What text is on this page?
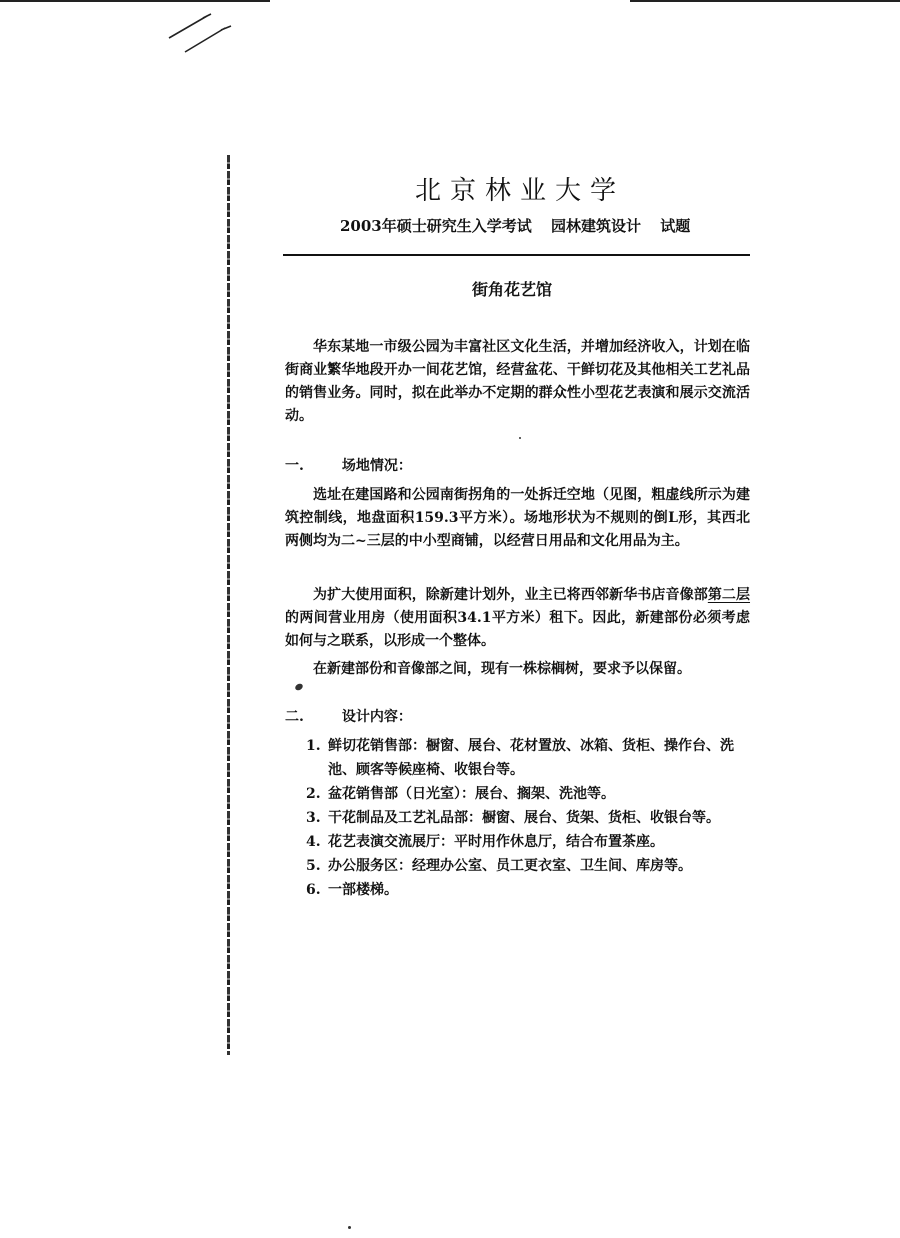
北京林业大学
2003年硕士研究生入学考试 园林建筑设计 试题
街角花艺馆
华东某地一市级公园为丰富社区文化生活，并增加经济收入，计划在临街商业繁华地段开办一间花艺馆，经营盆花、干鲜切花及其他相关工艺礼品的销售业务。同时，拟在此举办不定期的群众性小型花艺表演和展示交流活动。
一.	场地情况：
选址在建国路和公园南街拐角的一处拆迁空地（见图，粗虚线所示为建筑控制线，地盘面积159.3平方米）。场地形状为不规则的倒L形，其西北两侧均为二~三层的中小型商铺，以经营日用品和文化用品为主。
为扩大使用面积，除新建计划外，业主已将西邻新华书店音像部第二层的两间营业用房（使用面积34.1平方米）租下。因此，新建部份必须考虑如何与之联系，以形成一个整体。
在新建部份和音像部之间，现有一株棕榈树，要求予以保留。
二.	设计内容：
1. 鲜切花销售部：橱窗、展台、花材置放、冰箱、货柜、操作台、洗池、顾客等候座椅、收银台等。
2. 盆花销售部（日光室）：展台、搁架、洗池等。
3. 干花制品及工艺礼品部：橱窗、展台、货架、货柜、收银台等。
4. 花艺表演交流展厅：平时用作休息厅，结合布置茶座。
5. 办公服务区：经理办公室、员工更衣室、卫生间、库房等。
6. 一部楼梯。
